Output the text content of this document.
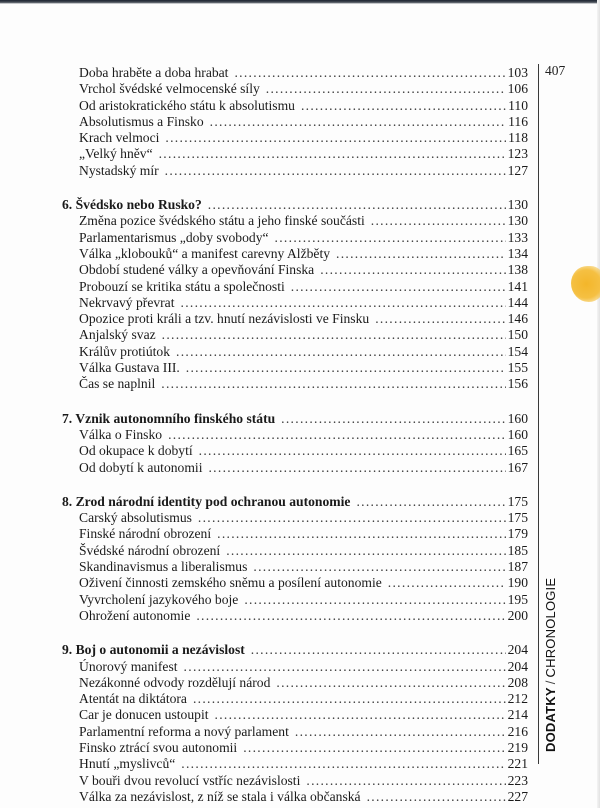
407
DODATKY/CHRONOLOGIE
Doba hraběte a doba hrabat . . .	103
Vrchol švédské velmocenské síly . . .	106
Od aristokratického státu k absolutismu . . .	110
Absolutismus a Finsko . . .	116
Krach velmoci . . .	118
„Velký hněv“ . . .	123
Nystadský mír . . .	127
6. Švédsko nebo Rusko? . . .	130
Změna pozice švédského státu a jeho finské součásti . . .	130
Parlamentarismus „doby svobody“ . . .	133
Válka „klobouků“ a manifest carevny Alžběty . . .	134
Období studené války a opevňování Finska . . .	138
Probouzí se kritika státu a společnosti . . .	141
Nekrvavý převrat . . .	144
Opozice proti králi a tzv. hnutí nezávislosti ve Finsku . . .	146
Anjalský svaz . . .	150
Králův protiútok . . .	154
Válka Gustava III. . . .	155
Čas se naplnil . . .	156
7. Vznik autonomního finského státu . . .	160
Válka o Finsko . . .	160
Od okupace k dobytí . . .	165
Od dobytí k autonomii . . .	167
8. Zrod národní identity pod ochranou autonomie . . .	175
Carský absolutismus . . .	175
Finské národní obrození . . .	179
Švédské národní obrození . . .	185
Skandinavismus a liberalismus . . .	187
Oživení činnosti zemského sněmu a posílení autonomie . . .	190
Vyvrcholení jazykového boje . . .	195
Ohrožení autonomie . . .	200
9. Boj o autonomii a nezávislost . . .	204
Únorový manifest . . .	204
Nezákonné odvody rozdělují národ . . .	208
Atentát na diktátora . . .	212
Car je donucen ustoupit . . .	214
Parlamentní reforma a nový parlament . . .	216
Finsko ztrácí svou autonomii . . .	219
Hnutí „myslivců“ . . .	221
V bouři dvou revolucí vstříc nezávislosti . . .	223
Válka za nezávislost, z níž se stala i válka občanská . . .	227
